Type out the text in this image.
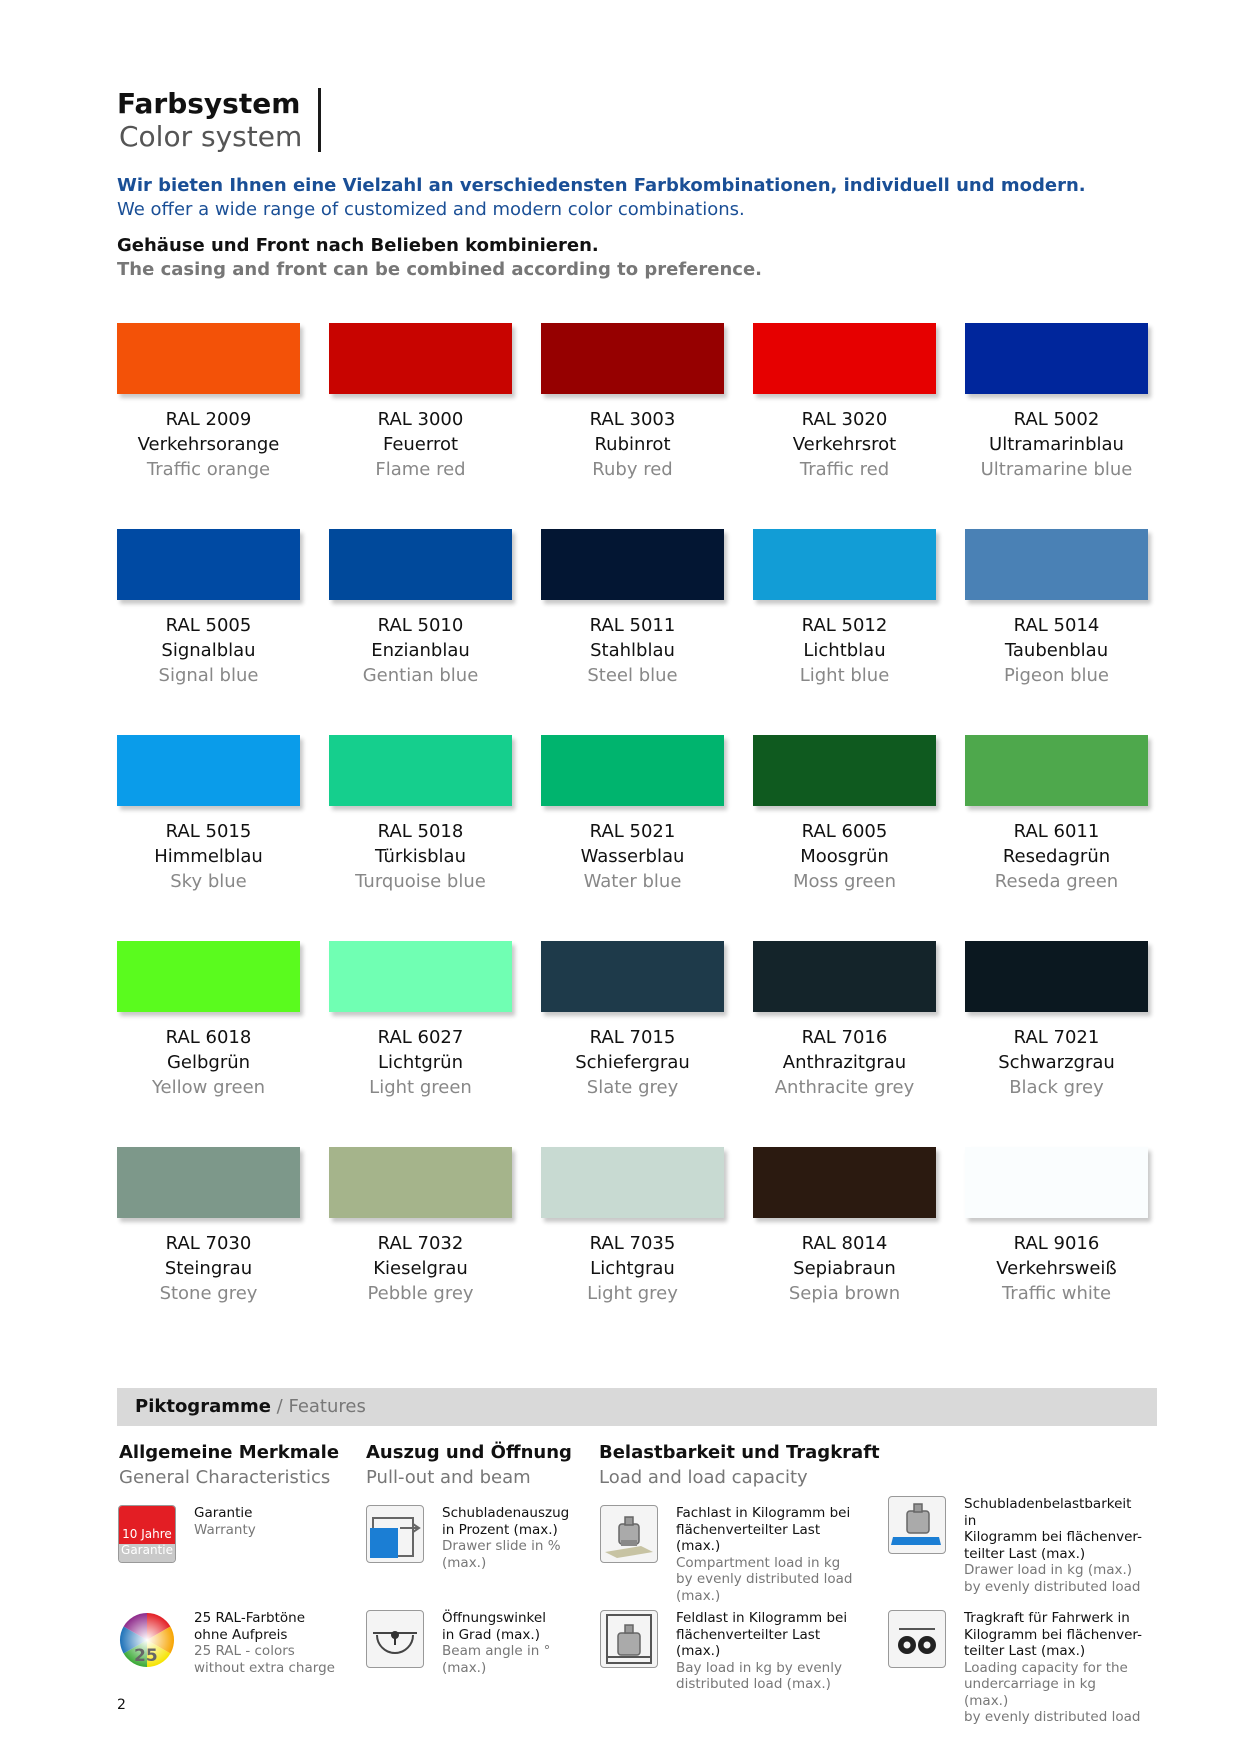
Farbsystem
Color system
Wir bieten Ihnen eine Vielzahl an verschiedensten Farbkombinationen, individuell und modern.
We offer a wide range of customized and modern color combinations.
Gehäuse und Front nach Belieben kombinieren.
The casing and front can be combined according to preference.
RAL 2009
Verkehrsorange
Traffic orange
RAL 3000
Feuerrot
Flame red
RAL 3003
Rubinrot
Ruby red
RAL 3020
Verkehrsrot
Traffic red
RAL 5002
Ultramarinblau
Ultramarine blue
RAL 5005
Signalblau
Signal blue
RAL 5010
Enzianblau
Gentian blue
RAL 5011
Stahlblau
Steel blue
RAL 5012
Lichtblau
Light blue
RAL 5014
Taubenblau
Pigeon blue
RAL 5015
Himmelblau
Sky blue
RAL 5018
Türkisblau
Turquoise blue
RAL 5021
Wasserblau
Water blue
RAL 6005
Moosgrün
Moss green
RAL 6011
Resedagrün
Reseda green
RAL 6018
Gelbgrün
Yellow green
RAL 6027
Lichtgrün
Light green
RAL 7015
Schiefergrau
Slate grey
RAL 7016
Anthrazitgrau
Anthracite grey
RAL 7021
Schwarzgrau
Black grey
RAL 7030
Steingrau
Stone grey
RAL 7032
Kieselgrau
Pebble grey
RAL 7035
Lichtgrau
Light grey
RAL 8014
Sepiabraun
Sepia brown
RAL 9016
Verkehrsweiß
Traffic white
Piktogramme / Features
Allgemeine Merkmale
General Characteristics
Auszug und Öffnung
Pull-out and beam
Belastbarkeit und Tragkraft
Load and load capacity
10 Jahre
Garantie
Garantie
Warranty
25
25 RAL-Farbtöne
ohne Aufpreis
25 RAL - colors
without extra charge
Schubladenauszug
in Prozent (max.)
Drawer slide in %
(max.)
Öffnungswinkel
in Grad (max.)
Beam angle in °
(max.)
Fachlast in Kilogramm bei
flächenverteilter Last (max.)
Compartment load in kg
by evenly distributed load
(max.)
Feldlast in Kilogramm bei
flächenverteilter Last (max.)
Bay load in kg by evenly
distributed load (max.)
Schubladenbelastbarkeit in
Kilogramm bei flächenver-
teilter Last (max.)
Drawer load in kg (max.)
by evenly distributed load
Tragkraft für Fahrwerk in
Kilogramm bei flächenver-
teilter Last (max.)
Loading capacity for the
undercarriage in kg (max.)
by evenly distributed load
2
